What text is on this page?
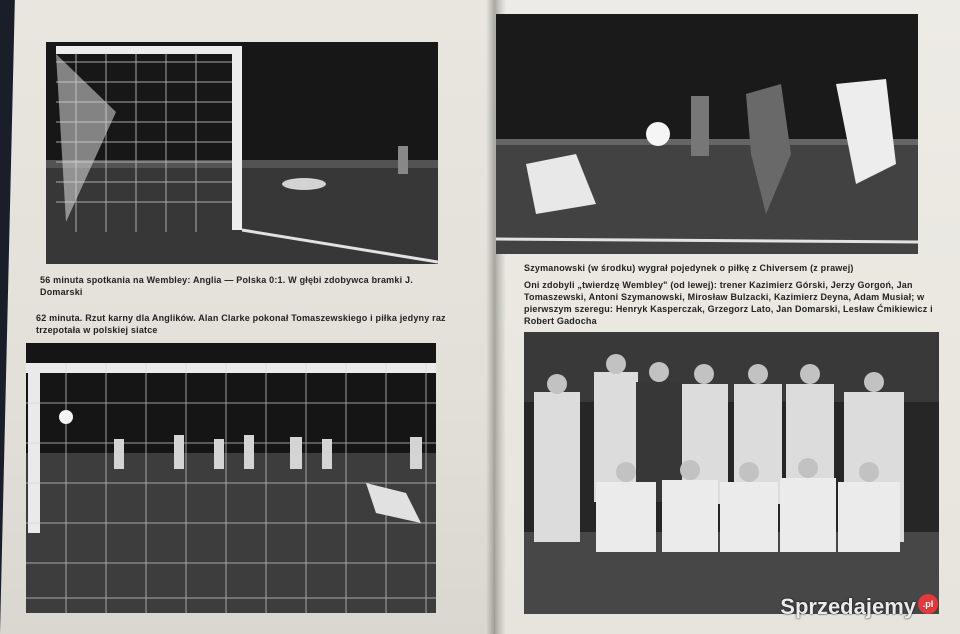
56 minuta spotkania na Wembley: Anglia — Polska 0:1. W głębi zdobywca bramki J. Domarski
62 minuta. Rzut karny dla Anglików. Alan Clarke pokonał Tomaszewskiego i piłka jedyny raz trzepotała w polskiej siatce
Szymanowski (w środku) wygrał pojedynek o piłkę z Chiversem (z prawej)
Oni zdobyli „twierdzę Wembley" (od lewej): trener Kazimierz Górski, Jerzy Gorgoń, Jan Tomaszewski, Antoni Szymanowski, Mirosław Bulzacki, Kazimierz Deyna, Adam Musiał; w pierwszym szeregu: Henryk Kasperczak, Grzegorz Lato, Jan Domarski, Lesław Ćmikiewicz i Robert Gadocha
Sprzedajemy .pl
